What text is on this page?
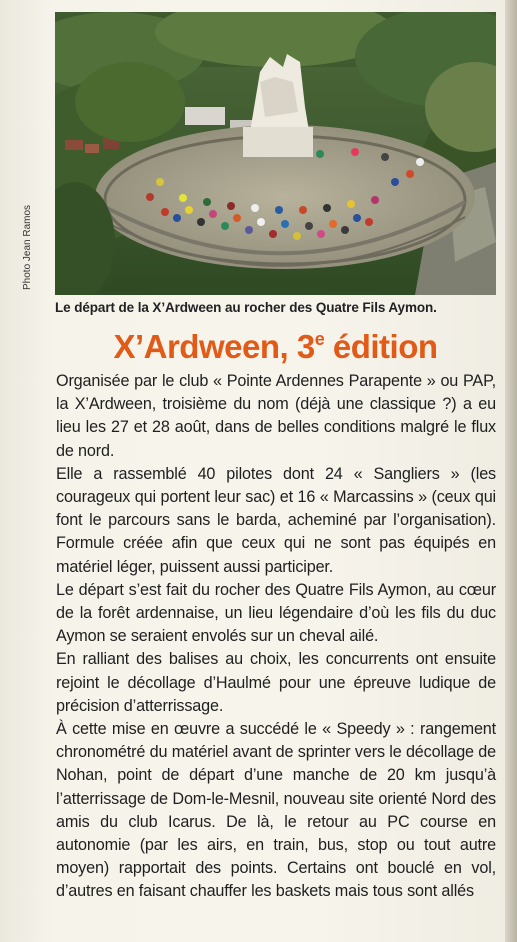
Photo Jean Ramos
Le départ de la X’Ardween au rocher des Quatre Fils Aymon.
X’Ardween, 3e édition

Organisée par le club « Pointe Ardennes Parapente » ou PAP, la X’Ardween, troisième du nom (déjà une classique ?) a eu lieu les 27 et 28 août, dans de belles conditions malgré le flux de nord.

Elle a rassemblé 40 pilotes dont 24 « Sangliers » (les courageux qui portent leur sac) et 16 « Marcassins » (ceux qui font le parcours sans le barda, acheminé par l’organisation). Formule créée afin que ceux qui ne sont pas équipés en matériel léger, puissent aussi participer.

Le départ s’est fait du rocher des Quatre Fils Aymon, au cœur de la forêt ardennaise, un lieu légendaire d’où les fils du duc Aymon se seraient envolés sur un cheval ailé.

En ralliant des balises au choix, les concurrents ont ensuite rejoint le décollage d’Haulmé pour une épreuve ludique de précision d’atterrissage.

À cette mise en œuvre a succédé le « Speedy » : rangement chronométré du matériel avant de sprinter vers le décollage de Nohan, point de départ d’une manche de 20 km jusqu’à l’atterrissage de Dom-le-Mesnil, nouveau site orienté Nord des amis du club Icarus. De là, le retour au PC course en autonomie (par les airs, en train, bus, stop ou tout autre moyen) rapportait des points. Certains ont bouclé en vol, d’autres en faisant chauffer les baskets mais tous sont allés
